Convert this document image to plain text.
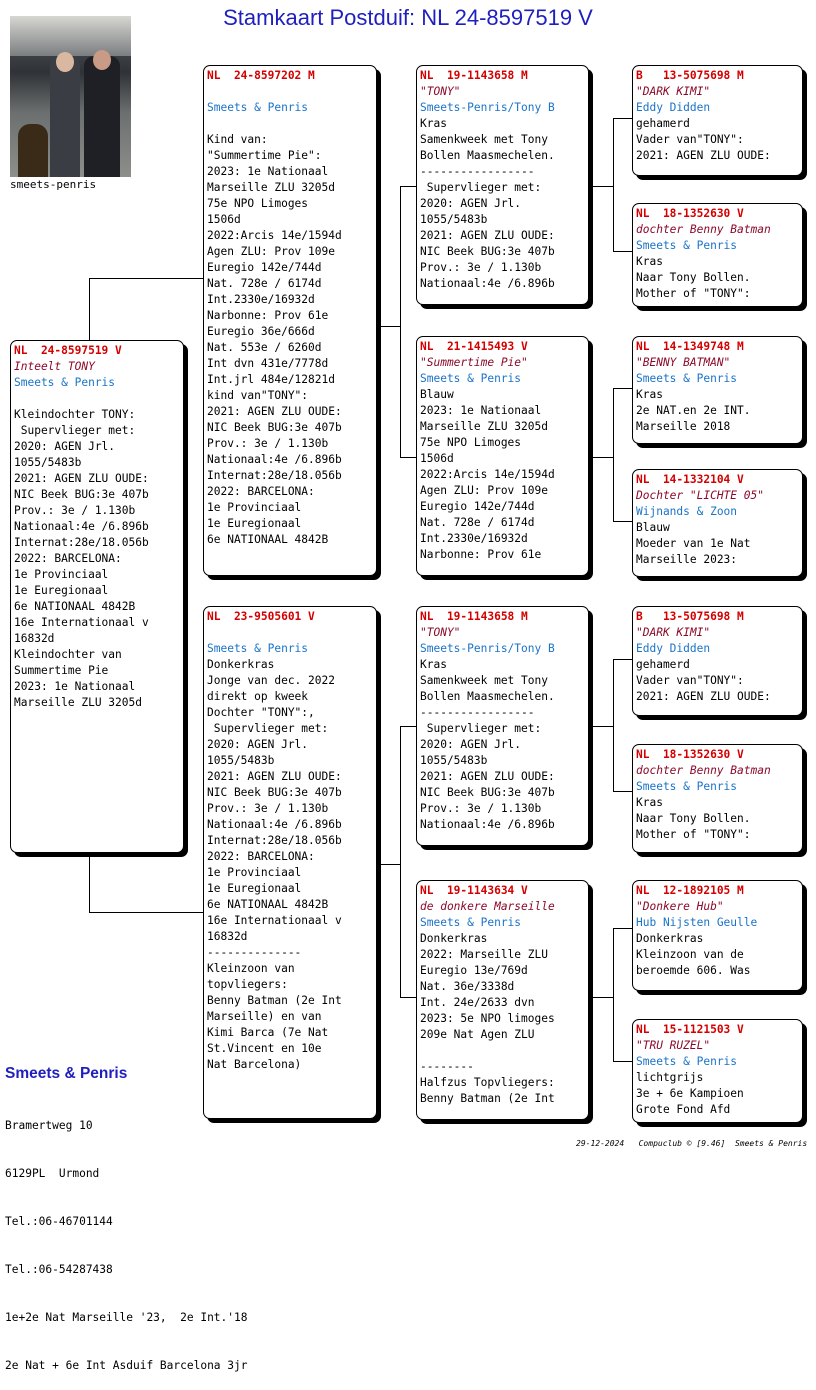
Stamkaart Postduif: NL 24-8597519 V
smeets-penris
NL  24-8597519 V
Inteelt TONY
Smeets & Penris

Kleindochter TONY:
Supervlieger met:
2020: AGEN Jrl.
1055/5483b
2021: AGEN ZLU OUDE:
NIC Beek BUG:3e 407b
Prov.: 3e / 1.130b
Nationaal:4e /6.896b
Internat:28e/18.056b
2022: BARCELONA:
1e Provinciaal
1e Euregionaal
6e NATIONAAL 4842B
16e Internationaal v
16832d
Kleindochter van
Summertime Pie
2023: 1e Nationaal
Marseille ZLU 3205d
NL  24-8597202 M

Smeets & Penris

Kind van:
"Summertime Pie":
2023: 1e Nationaal
Marseille ZLU 3205d
75e NPO Limoges
1506d
2022:Arcis 14e/1594d
Agen ZLU: Prov 109e
Euregio 142e/744d
Nat. 728e / 6174d
Int.2330e/16932d
Narbonne: Prov 61e
Euregio 36e/666d
Nat. 553e / 6260d
Int dvn 431e/7778d
Int.jrl 484e/12821d
kind van"TONY":
2021: AGEN ZLU OUDE:
NIC Beek BUG:3e 407b
Prov.: 3e / 1.130b
Nationaal:4e /6.896b
Internat:28e/18.056b
2022: BARCELONA:
1e Provinciaal
1e Euregionaal
6e NATIONAAL 4842B
NL  23-9505601 V

Smeets & Penris
Donkerkras
Jonge van dec. 2022
direkt op kweek
Dochter "TONY":,
Supervlieger met:
2020: AGEN Jrl.
1055/5483b
2021: AGEN ZLU OUDE:
NIC Beek BUG:3e 407b
Prov.: 3e / 1.130b
Nationaal:4e /6.896b
Internat:28e/18.056b
2022: BARCELONA:
1e Provinciaal
1e Euregionaal
6e NATIONAAL 4842B
16e Internationaal v
16832d
--------------
Kleinzoon van
topvliegers:
Benny Batman (2e Int
Marseille) en van
Kimi Barca (7e Nat
St.Vincent en 10e
Nat Barcelona)
NL  19-1143658 M
"TONY"
Smeets-Penris/Tony B
Kras
Samenkweek met Tony
Bollen Maasmechelen.
-----------------
Supervlieger met:
2020: AGEN Jrl.
1055/5483b
2021: AGEN ZLU OUDE:
NIC Beek BUG:3e 407b
Prov.: 3e / 1.130b
Nationaal:4e /6.896b
NL  21-1415493 V
"Summertime Pie"
Smeets & Penris
Blauw
2023: 1e Nationaal
Marseille ZLU 3205d
75e NPO Limoges
1506d
2022:Arcis 14e/1594d
Agen ZLU: Prov 109e
Euregio 142e/744d
Nat. 728e / 6174d
Int.2330e/16932d
Narbonne: Prov 61e
NL  19-1143658 M
"TONY"
Smeets-Penris/Tony B
Kras
Samenkweek met Tony
Bollen Maasmechelen.
-----------------
Supervlieger met:
2020: AGEN Jrl.
1055/5483b
2021: AGEN ZLU OUDE:
NIC Beek BUG:3e 407b
Prov.: 3e / 1.130b
Nationaal:4e /6.896b
NL  19-1143634 V
de donkere Marseille
Smeets & Penris
Donkerkras
2022: Marseille ZLU
Euregio 13e/769d
Nat. 36e/3338d
Int. 24e/2633 dvn
2023: 5e NPO limoges
209e Nat Agen ZLU

--------
Halfzus Topvliegers:
Benny Batman (2e Int
B   13-5075698 M
"DARK KIMI"
Eddy Didden
gehamerd
Vader van"TONY":
2021: AGEN ZLU OUDE:
NL  18-1352630 V
dochter Benny Batman
Smeets & Penris
Kras
Naar Tony Bollen.
Mother of "TONY":
NL  14-1349748 M
"BENNY BATMAN"
Smeets & Penris
Kras
2e NAT.en 2e INT.
Marseille 2018
NL  14-1332104 V
Dochter "LICHTE 05"
Wijnands & Zoon
Blauw
Moeder van 1e Nat
Marseille 2023:
B   13-5075698 M
"DARK KIMI"
Eddy Didden
gehamerd
Vader van"TONY":
2021: AGEN ZLU OUDE:
NL  18-1352630 V
dochter Benny Batman
Smeets & Penris
Kras
Naar Tony Bollen.
Mother of "TONY":
NL  12-1892105 M
"Donkere Hub"
Hub Nijsten Geulle
Donkerkras
Kleinzoon van de
beroemde 606. Was
NL  15-1121503 V
"TRU RUZEL"
Smeets & Penris
lichtgrijs
3e + 6e Kampioen
Grote Fond Afd

Smeets & Penris

Bramertweg 10

6129PL  Urmond

Tel.:06-46701144

Tel.:06-54287438

1e+2e Nat Marseille '23,  2e Int.'18

2e Nat + 6e Int Asduif Barcelona 3jr

29-12-2024   Compuclub © [9.46]  Smeets & Penris
